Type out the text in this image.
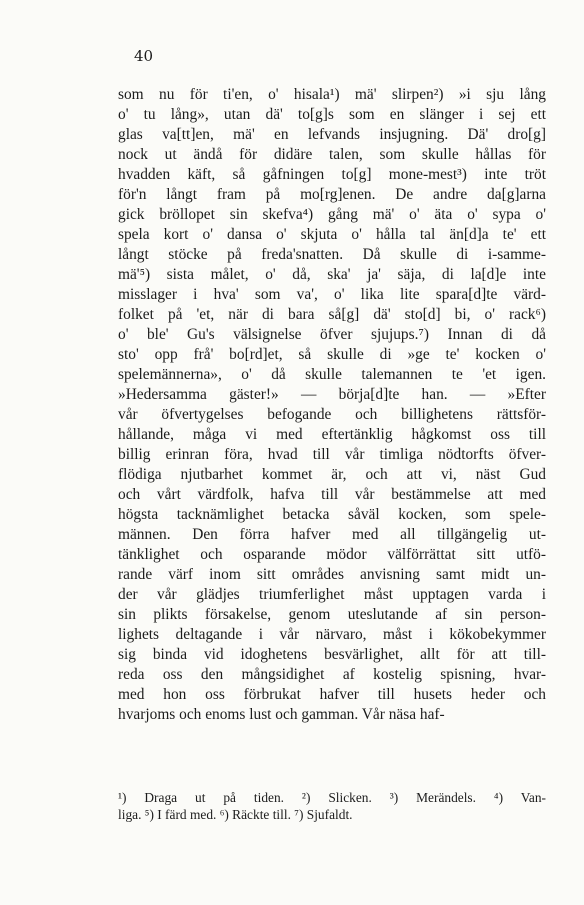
40
som nu för ti'en, o' hisala¹) mä' slirpen²) »i sju lång
o' tu lång», utan dä' to[g]s som en slänger i sej ett
glas va[tt]en, mä' en lefvands insjugning. Dä' dro[g]
nock ut ändå för didäre talen, som skulle hållas för
hvadden käft, så gåfningen to[g] mone-mest³) inte tröt
för'n långt fram på mo[rg]enen. De andre da[g]arna
gick bröllopet sin skefva⁴) gång mä' o' äta o' sypa o'
spela kort o' dansa o' skjuta o' hålla tal än[d]a te' ett
långt stöcke på freda'snatten. Då skulle di i-samme-
mä'⁵) sista målet, o' då, ska' ja' säja, di la[d]e inte
misslager i hva' som va', o' lika lite spara[d]te värd-
folket på 'et, när di bara så[g] dä' sto[d] bi, o' rack⁶)
o' ble' Gu's välsignelse öfver sjujups.⁷) Innan di då
sto' opp frå' bo[rd]et, så skulle di »ge te' kocken o'
spelemännerna», o' då skulle talemannen te 'et igen.
»Hedersamma gäster!» — börja[d]te han. — »Efter
vår öfvertygelses befogande och billighetens rättsför-
hållande, måga vi med eftertänklig hågkomst oss till
billig erinran föra, hvad till vår timliga nödtorfts öfver-
flödiga njutbarhet kommet är, och att vi, näst Gud
och vårt värdfolk, hafva till vår bestämmelse att med
högsta tacknämlighet betacka såväl kocken, som spele-
männen. Den förra hafver med all tillgängelig ut-
tänklighet och osparande mödor välförrättat sitt utfö-
rande värf inom sitt områdes anvisning samt midt un-
der vår glädjes triumferlighet måst upptagen varda i
sin plikts försakelse, genom uteslutande af sin person-
lighets deltagande i vår närvaro, måst i kökobekymmer
sig binda vid idoghetens besvärlighet, allt för att till-
reda oss den mångsidighet af kostelig spisning, hvar-
med hon oss förbrukat hafver till husets heder och
hvarjoms och enoms lust och gamman. Vår näsa haf-
¹) Draga ut på tiden. ²) Slicken. ³) Merändels. ⁴) Van-
liga. ⁵) I färd med. ⁶) Räckte till. ⁷) Sjufaldt.
